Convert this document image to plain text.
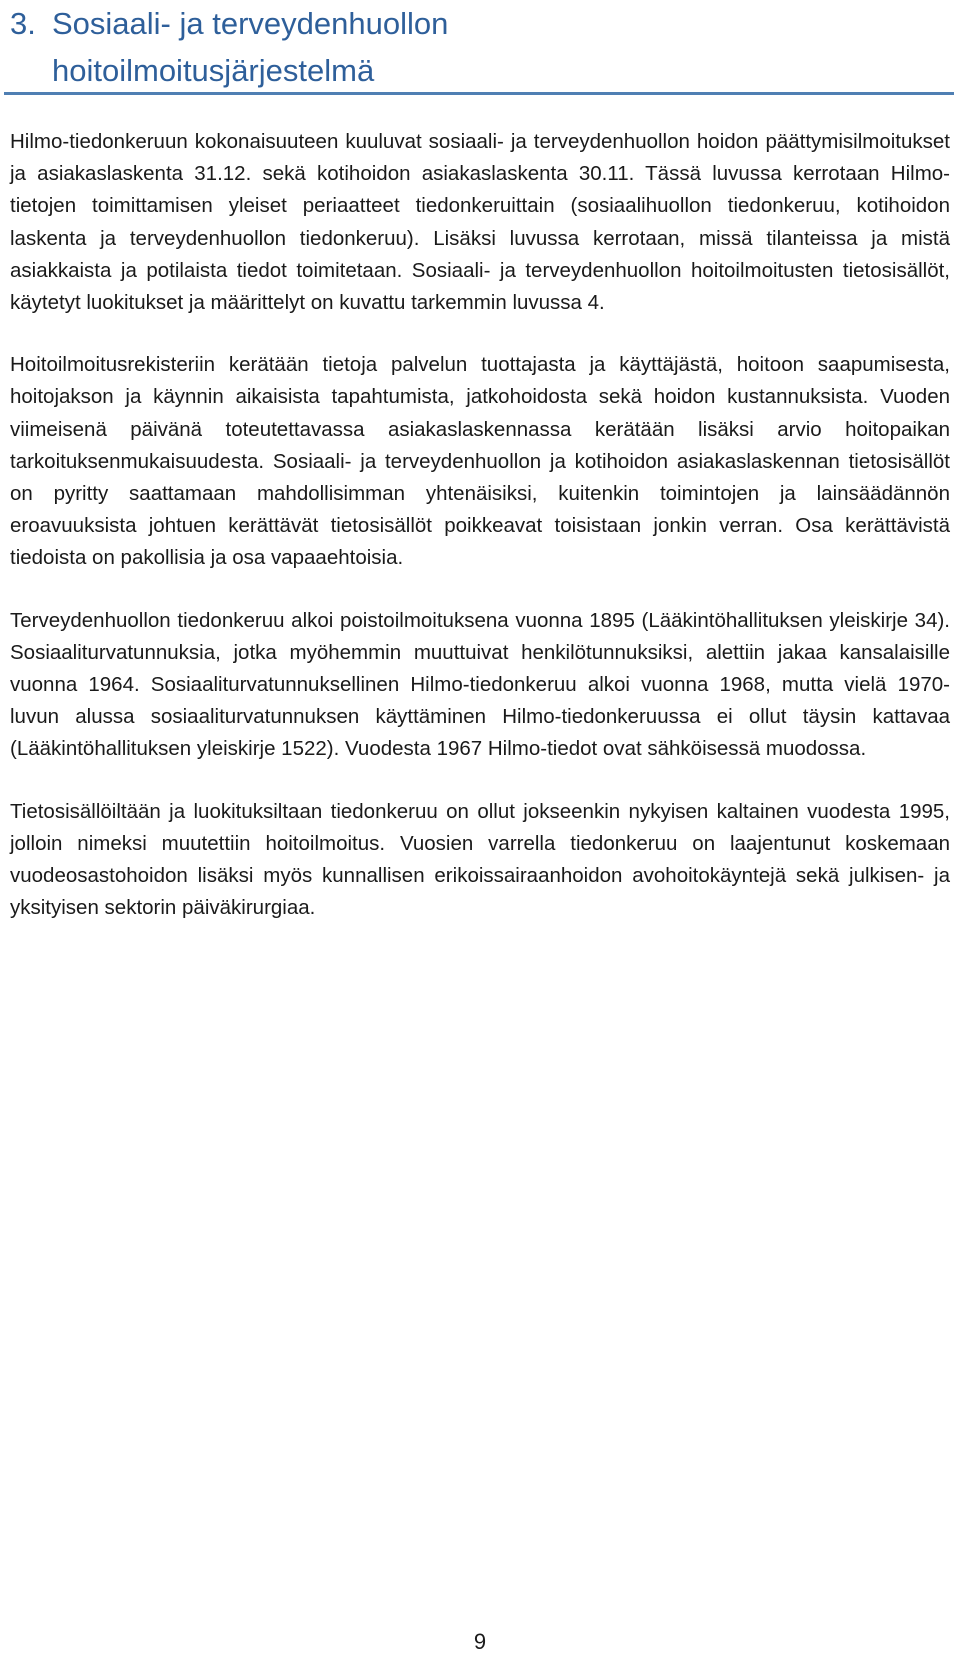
3. Sosiaali- ja terveydenhuollon
hoitoilmoitusjärjestelmä

Hilmo-tiedonkeruun kokonaisuuteen kuuluvat sosiaali- ja terveydenhuollon hoidon päättymisilmoitukset ja asiakaslaskenta 31.12. sekä kotihoidon asiakaslaskenta 30.11. Tässä luvussa kerrotaan Hilmo-tietojen toimittamisen yleiset periaatteet tiedonkeruittain (sosiaalihuollon tiedonkeruu, kotihoidon laskenta ja terveydenhuollon tiedonkeruu). Lisäksi luvussa kerrotaan, missä tilanteissa ja mistä asiakkaista ja potilaista tiedot toimitetaan. Sosiaali- ja terveydenhuollon hoitoilmoitusten tietosisällöt, käytetyt luokitukset ja määrittelyt on kuvattu tarkemmin luvussa 4.

Hoitoilmoitusrekisteriin kerätään tietoja palvelun tuottajasta ja käyttäjästä, hoitoon saapumisesta, hoitojakson ja käynnin aikaisista tapahtumista, jatkohoidosta sekä hoidon kustannuksista. Vuoden viimeisenä päivänä toteutettavassa asiakaslaskennassa kerätään lisäksi arvio hoitopaikan tarkoituksenmukaisuudesta. Sosiaali- ja terveydenhuollon ja kotihoidon asiakaslaskennan tietosisällöt on pyritty saattamaan mahdollisimman yhtenäisiksi, kuitenkin toimintojen ja lainsäädännön eroavuuksista johtuen kerättävät tietosisällöt poikkeavat toisistaan jonkin verran. Osa kerättävistä tiedoista on pakollisia ja osa vapaaehtoisia.

Terveydenhuollon tiedonkeruu alkoi poistoilmoituksena vuonna 1895 (Lääkintöhallituksen yleiskirje 34). Sosiaaliturvatunnuksia, jotka myöhemmin muuttuivat henkilötunnuksiksi, alettiin jakaa kansalaisille vuonna 1964. Sosiaaliturvatunnuksellinen Hilmo-tiedonkeruu alkoi vuonna 1968, mutta vielä 1970-luvun alussa sosiaaliturvatunnuksen käyttäminen Hilmo-tiedonkeruussa ei ollut täysin kattavaa (Lääkintöhallituksen yleiskirje 1522). Vuodesta 1967 Hilmo-tiedot ovat sähköisessä muodossa.

Tietosisällöiltään ja luokituksiltaan tiedonkeruu on ollut jokseenkin nykyisen kaltainen vuodesta 1995, jolloin nimeksi muutettiin hoitoilmoitus. Vuosien varrella tiedonkeruu on laajentunut koskemaan vuodeosastohoidon lisäksi myös kunnallisen erikoissairaanhoidon avohoitokäyntejä sekä julkisen- ja yksityisen sektorin päiväkirurgiaa.

9
